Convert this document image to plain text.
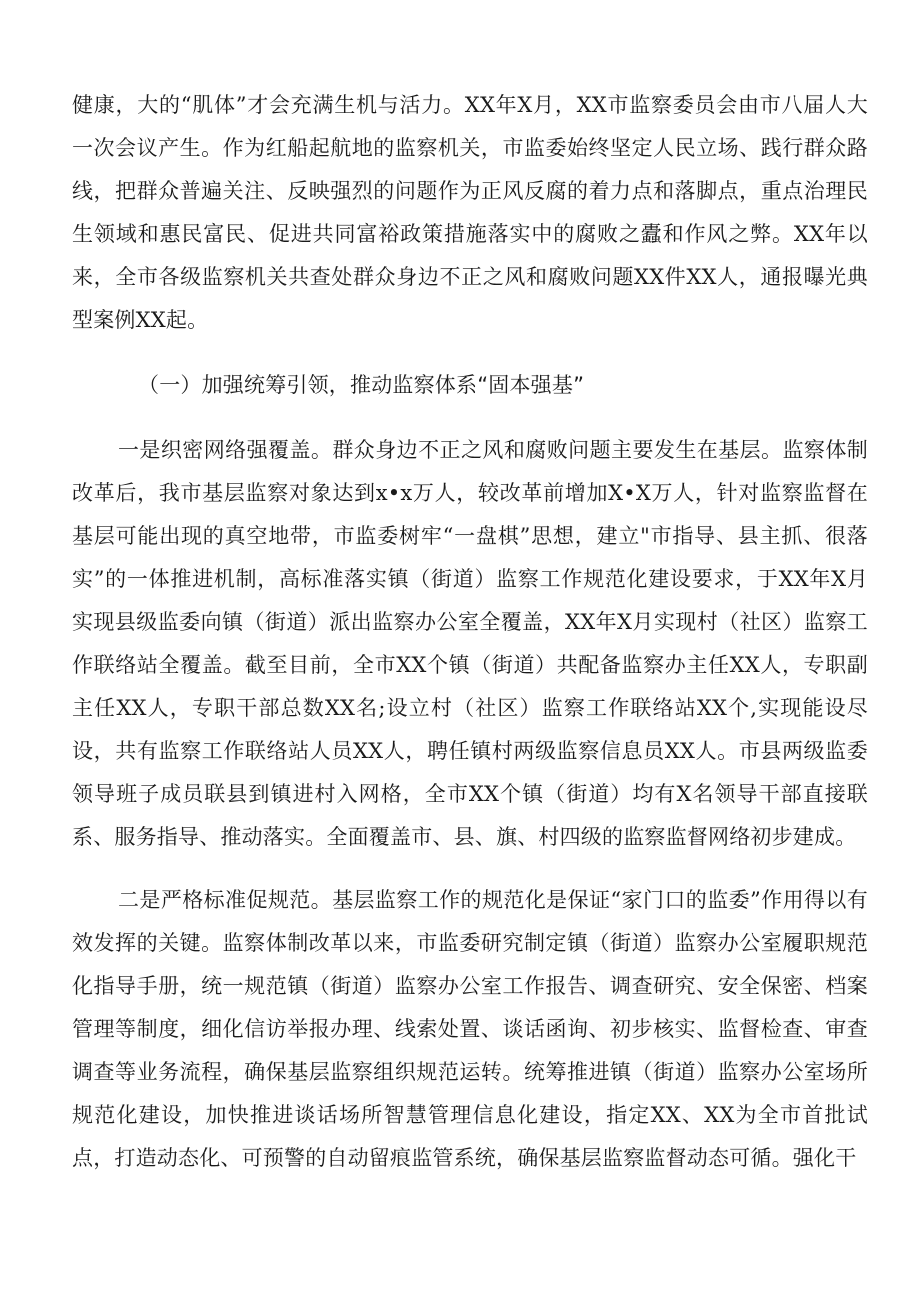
健康，大的“肌体”才会充满生机与活力。XX年X月，XX市监察委员会由市八届人大一次会议产生。作为红船起航地的监察机关，市监委始终坚定人民立场、践行群众路线，把群众普遍关注、反映强烈的问题作为正风反腐的着力点和落脚点，重点治理民生领域和惠民富民、促进共同富裕政策措施落实中的腐败之蠹和作风之弊。XX年以来，全市各级监察机关共查处群众身边不正之风和腐败问题XX件XX人，通报曝光典型案例XX起。

（一）加强统筹引领，推动监察体系“固本强基”

一是织密网络强覆盖。群众身边不正之风和腐败问题主要发生在基层。监察体制改革后，我市基层监察对象达到x•x万人，较改革前增加X•X万人，针对监察监督在基层可能出现的真空地带，市监委树牢“一盘棋”思想，建立"市指导、县主抓、很落实”的一体推进机制，高标准落实镇（街道）监察工作规范化建设要求，于XX年X月实现县级监委向镇（街道）派出监察办公室全覆盖，XX年X月实现村（社区）监察工作联络站全覆盖。截至目前，全市XX个镇（街道）共配备监察办主任XX人，专职副主任XX人，专职干部总数XX名;设立村（社区）监察工作联络站XX个,实现能设尽设，共有监察工作联络站人员XX人，聘任镇村两级监察信息员XX人。市县两级监委领导班子成员联县到镇进村入网格，全市XX个镇（街道）均有X名领导干部直接联系、服务指导、推动落实。全面覆盖市、县、旗、村四级的监察监督网络初步建成。

二是严格标准促规范。基层监察工作的规范化是保证“家门口的监委”作用得以有效发挥的关键。监察体制改革以来，市监委研究制定镇（街道）监察办公室履职规范化指导手册，统一规范镇（街道）监察办公室工作报告、调查研究、安全保密、档案管理等制度，细化信访举报办理、线索处置、谈话函询、初步核实、监督检查、审查调查等业务流程，确保基层监察组织规范运转。统筹推进镇（街道）监察办公室场所规范化建设，加快推进谈话场所智慧管理信息化建设，指定XX、XX为全市首批试点，打造动态化、可预警的自动留痕监管系统，确保基层监察监督动态可循。强化干
